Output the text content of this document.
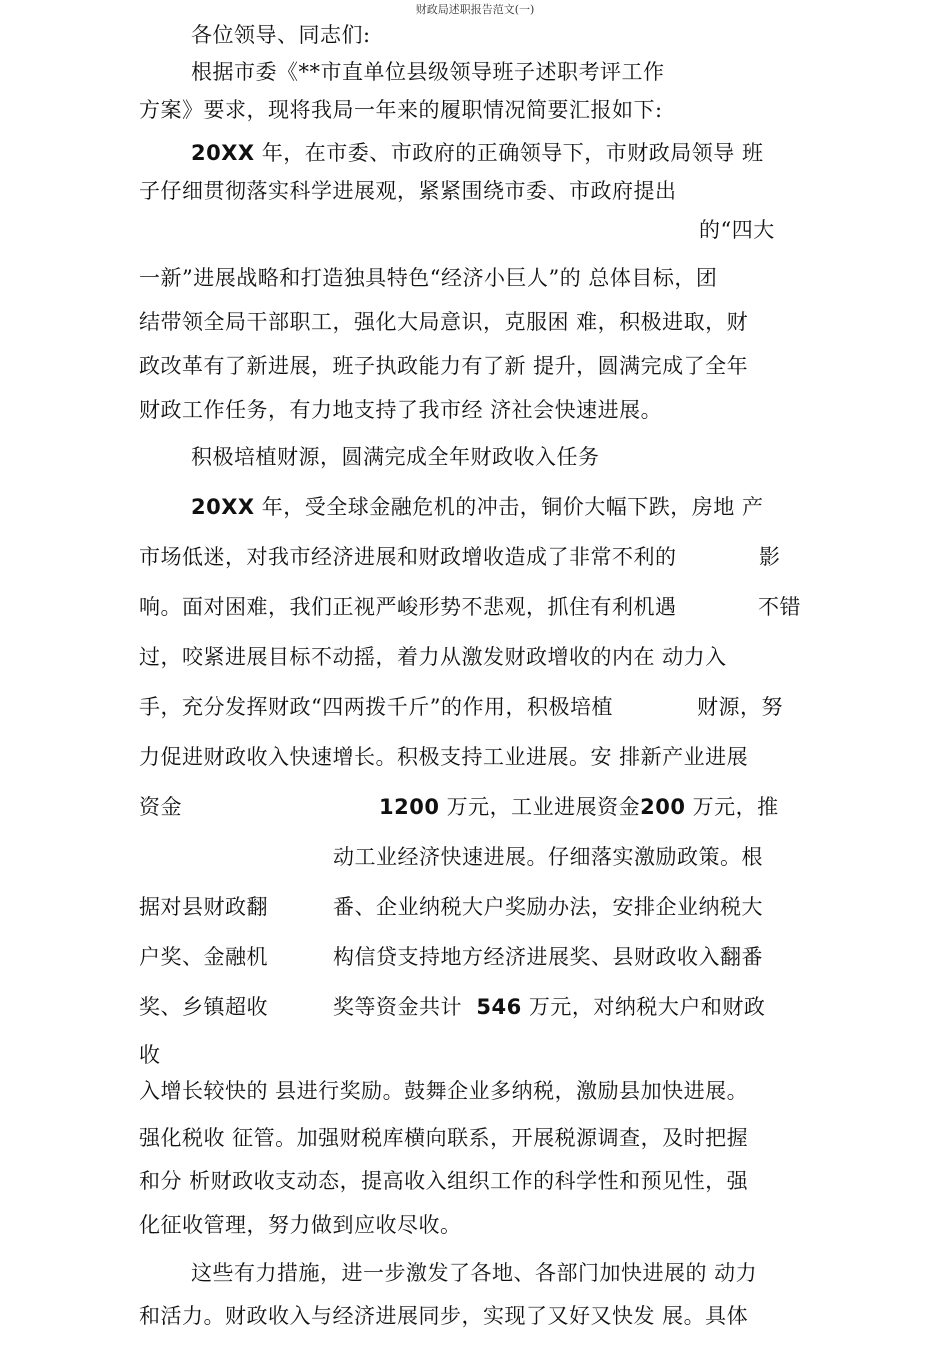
财政局述职报告范文(一)
各位领导、同志们:
根据市委《**市直单位县级领导班子述职考评工作
方案》要求，现将我局一年来的履职情况简要汇报如下:
20XX 年，在市委、市政府的正确领导下，市财政局领导 班
子仔细贯彻落实科学进展观，紧紧围绕市委、市政府提出
的“四大
一新”进展战略和打造独具特色“经济小巨人”的 总体目标，团
结带领全局干部职工，强化大局意识，克服困 难，积极进取，财
政改革有了新进展，班子执政能力有了新 提升，圆满完成了全年
财政工作任务，有力地支持了我市经 济社会快速进展。
积极培植财源，圆满完成全年财政收入任务
20XX 年，受全球金融危机的冲击，铜价大幅下跌，房地 产
市场低迷，对我市经济进展和财政增收造成了非常不利的	影
响。面对困难，我们正视严峻形势不悲观，抓住有利机遇	不错
过，咬紧进展目标不动摇，着力从激发财政增收的内在 动力入
手，充分发挥财政“四两拨千斤”的作用，积极培植	财源，努
力促进财政收入快速增长。积极支持工业进展。安 排新产业进展
资金	1200 万元，工业进展资金200 万元，推
动工业经济快速进展。仔细落实激励政策。根
据对县财政翻	番、企业纳税大户奖励办法，安排企业纳税大
户奖、金融机	构信贷支持地方经济进展奖、县财政收入翻番
奖、乡镇超收	奖等资金共计 546 万元，对纳税大户和财政
收
入增长较快的 县进行奖励。鼓舞企业多纳税，激励县加快进展。
强化税收 征管。加强财税库横向联系，开展税源调查，及时把握
和分 析财政收支动态，提高收入组织工作的科学性和预见性，强
化征收管理，努力做到应收尽收。
这些有力措施，进一步激发了各地、各部门加快进展的 动力
和活力。财政收入与经济进展同步，实现了又好又快发 展。具体
